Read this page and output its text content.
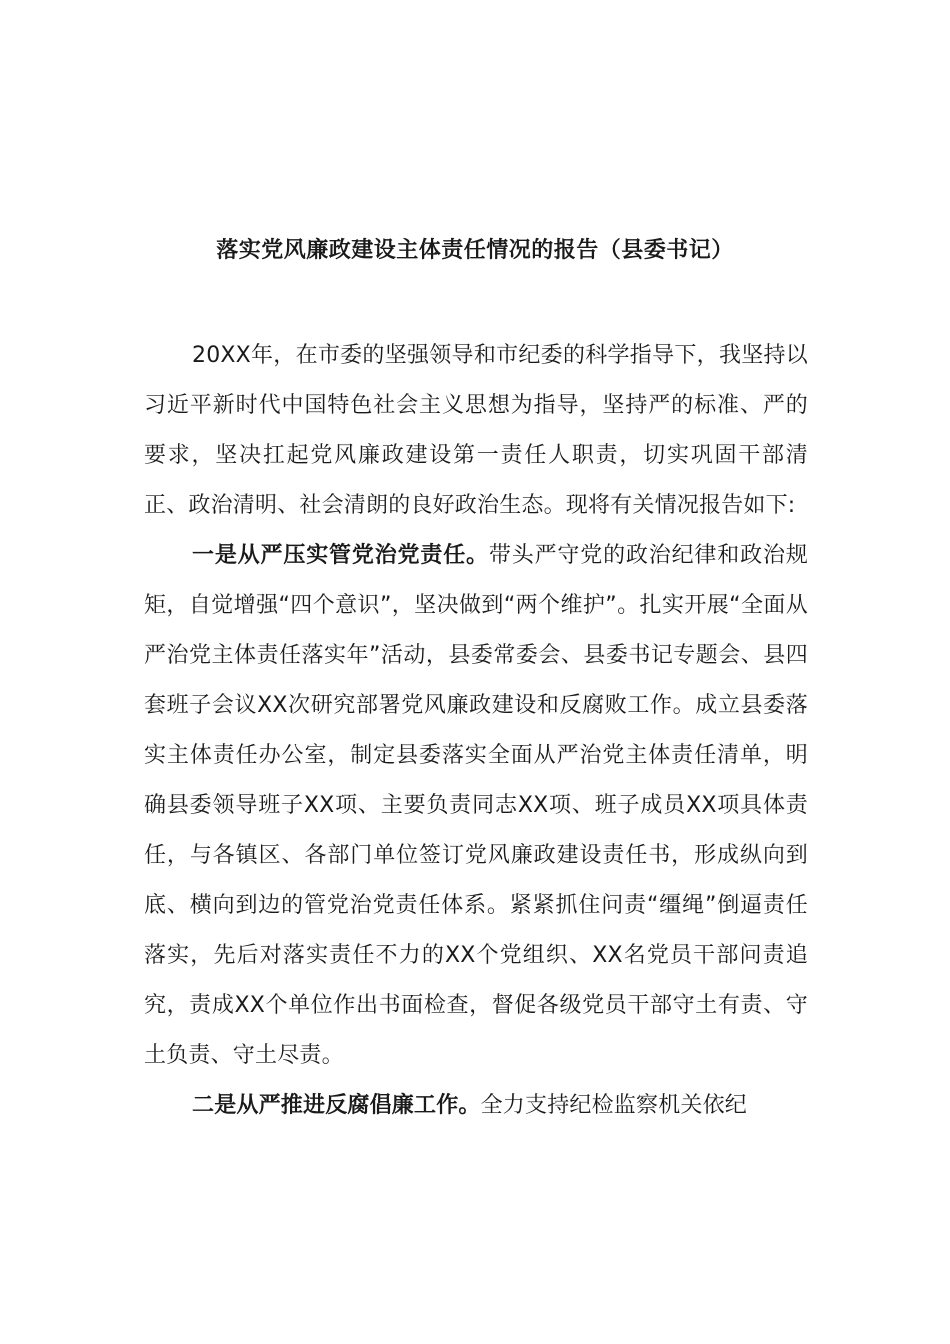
落实党风廉政建设主体责任情况的报告（县委书记）

20XX年，在市委的坚强领导和市纪委的科学指导下，我坚持以习近平新时代中国特色社会主义思想为指导，坚持严的标准、严的要求，坚决扛起党风廉政建设第一责任人职责，切实巩固干部清正、政治清明、社会清朗的良好政治生态。现将有关情况报告如下:

一是从严压实管党治党责任。带头严守党的政治纪律和政治规矩，自觉增强“四个意识”，坚决做到“两个维护”。扎实开展“全面从严治党主体责任落实年”活动，县委常委会、县委书记专题会、县四套班子会议XX次研究部署党风廉政建设和反腐败工作。成立县委落实主体责任办公室，制定县委落实全面从严治党主体责任清单，明确县委领导班子XX项、主要负责同志XX项、班子成员XX项具体责任，与各镇区、各部门单位签订党风廉政建设责任书，形成纵向到底、横向到边的管党治党责任体系。紧紧抓住问责“缰绳”倒逼责任落实，先后对落实责任不力的XX个党组织、XX名党员干部问责追究，责成XX个单位作出书面检查，督促各级党员干部守土有责、守土负责、守土尽责。

二是从严推进反腐倡廉工作。全力支持纪检监察机关依纪
